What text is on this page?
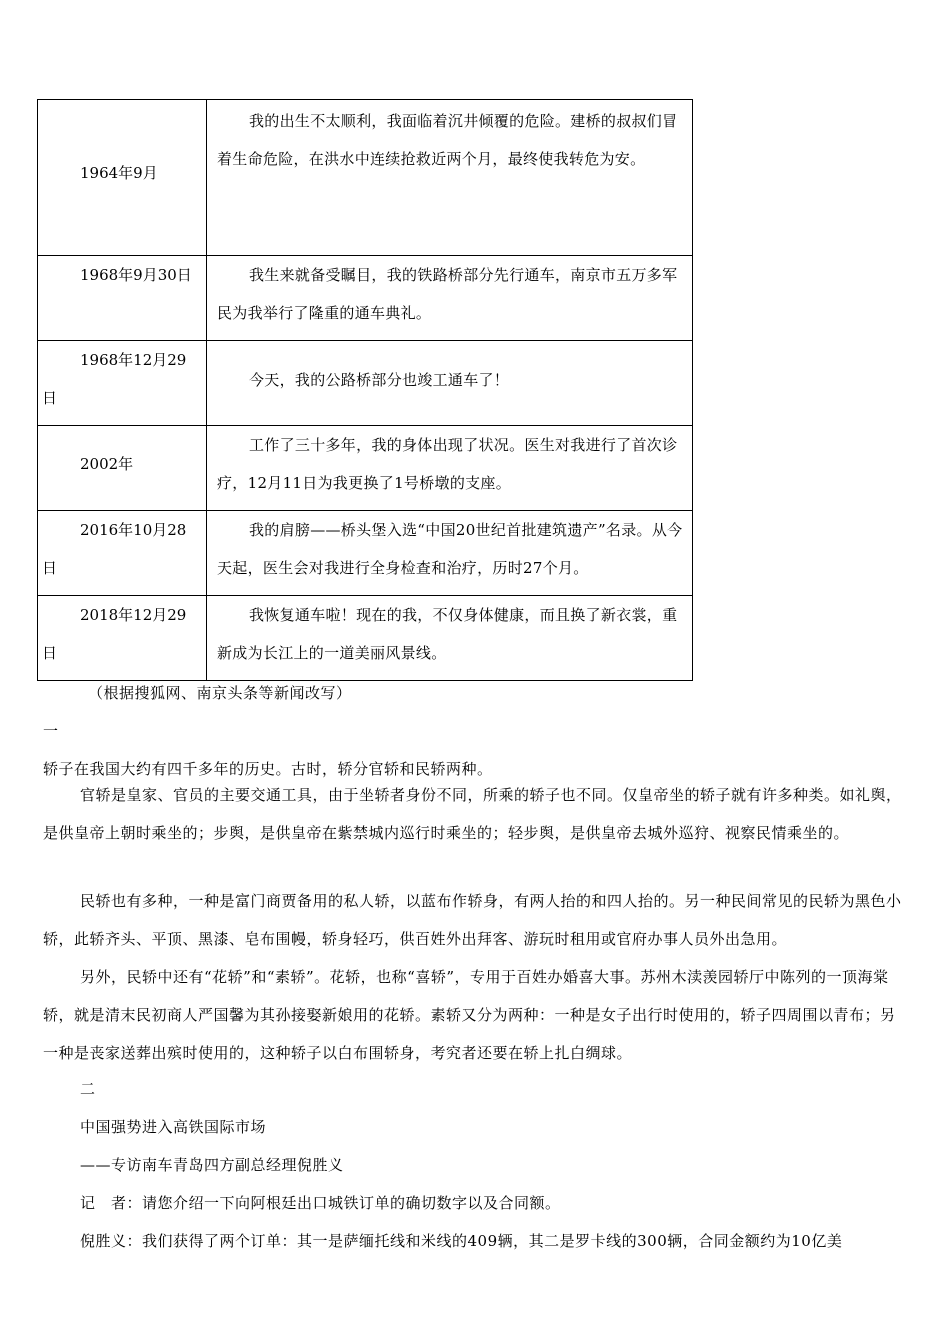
1964年9月	我的出生不太顺利，我面临着沉井倾覆的危险。建桥的叔叔们冒着生命危险，在洪水中连续抢救近两个月，最终使我转危为安。

1968年9月30日	我生来就备受瞩目，我的铁路桥部分先行通车，南京市五万多军民为我举行了隆重的通车典礼。

1968年12月29日	今天，我的公路桥部分也竣工通车了！

2002年	工作了三十多年，我的身体出现了状况。医生对我进行了首次诊疗，12月11日为我更换了1号桥墩的支座。

2016年10月28日	我的肩膀——桥头堡入选“中国20世纪首批建筑遗产”名录。从今天起，医生会对我进行全身检查和治疗，历时27个月。

2018年12月29日	我恢复通车啦！现在的我，不仅身体健康，而且换了新衣裳，重新成为长江上的一道美丽风景线。
（根据搜狐网、南京头条等新闻改写）
一
轿子在我国大约有四千多年的历史。古时，轿分官轿和民轿两种。
官轿是皇家、官员的主要交通工具，由于坐轿者身份不同，所乘的轿子也不同。仅皇帝坐的轿子就有许多种类。如礼舆，是供皇帝上朝时乘坐的；步舆，是供皇帝在紫禁城内巡行时乘坐的；轻步舆，是供皇帝去城外巡狩、视察民情乘坐的。
民轿也有多种，一种是富门商贾备用的私人轿，以蓝布作轿身，有两人抬的和四人抬的。另一种民间常见的民轿为黑色小轿，此轿齐头、平顶、黑漆、皂布围幔，轿身轻巧，供百姓外出拜客、游玩时租用或官府办事人员外出急用。
另外，民轿中还有“花轿”和“素轿”。花轿，也称“喜轿”，专用于百姓办婚喜大事。苏州木渎羡园轿厅中陈列的一顶海棠轿，就是清末民初商人严国馨为其孙接娶新娘用的花轿。素轿又分为两种：一种是女子出行时使用的，轿子四周围以青布；另一种是丧家送葬出殡时使用的，这种轿子以白布围轿身，考究者还要在轿上扎白绸球。
二
中国强势进入高铁国际市场
——专访南车青岛四方副总经理倪胜义
记　者：请您介绍一下向阿根廷出口城铁订单的确切数字以及合同额。
倪胜义：我们获得了两个订单：其一是萨缅托线和米线的409辆，其二是罗卡线的300辆，合同金额约为10亿美
